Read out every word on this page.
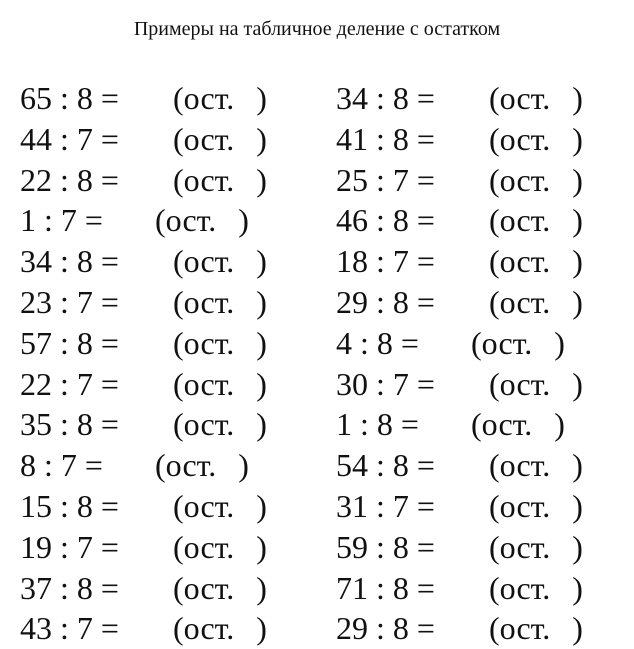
Примеры на табличное деление с остатком
65 : 8 = (ост. )
44 : 7 = (ост. )
22 : 8 = (ост. )
1 : 7 = (ост. )
34 : 8 = (ост. )
23 : 7 = (ост. )
57 : 8 = (ост. )
22 : 7 = (ост. )
35 : 8 = (ост. )
8 : 7 = (ост. )
15 : 8 = (ост. )
19 : 7 = (ост. )
37 : 8 = (ост. )
43 : 7 = (ост. )
34 : 8 = (ост. )
41 : 8 = (ост. )
25 : 7 = (ост. )
46 : 8 = (ост. )
18 : 7 = (ост. )
29 : 8 = (ост. )
4 : 8 = (ост. )
30 : 7 = (ост. )
1 : 8 = (ост. )
54 : 8 = (ост. )
31 : 7 = (ост. )
59 : 8 = (ост. )
71 : 8 = (ост. )
29 : 8 = (ост. )
